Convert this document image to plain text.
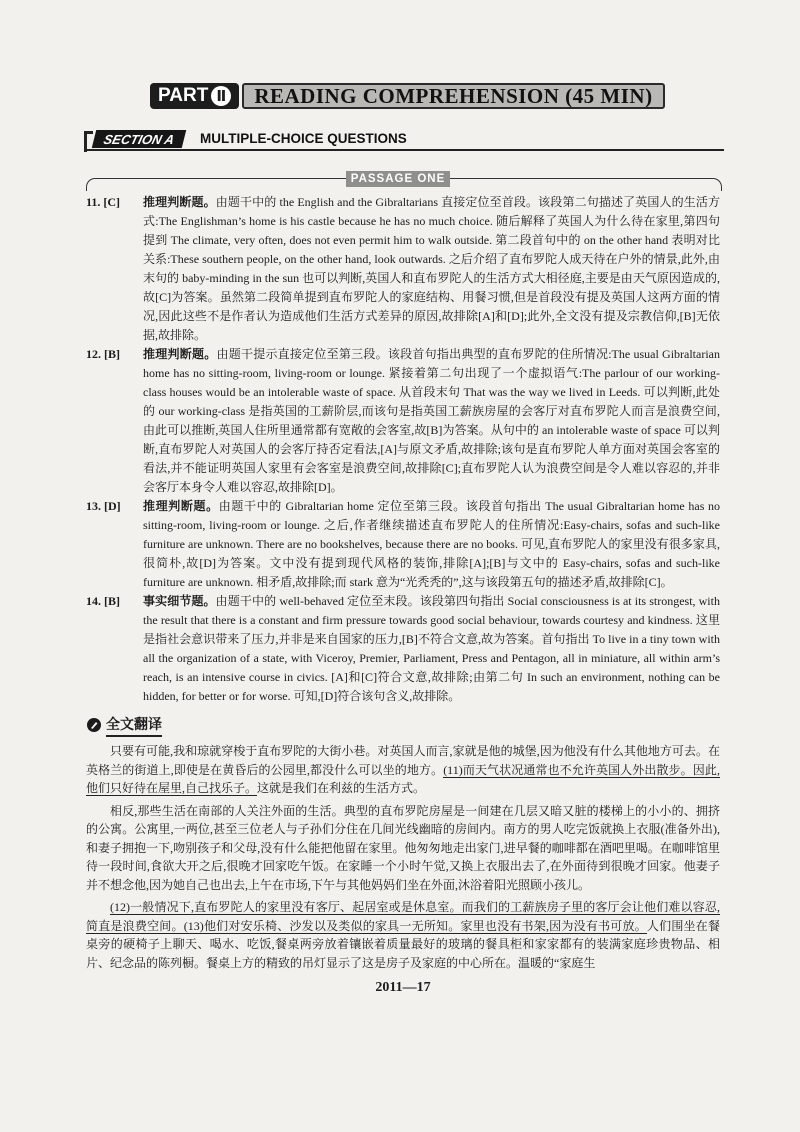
PART Ⅱ	READING COMPREHENSION (45 MIN)
SECTION A	MULTIPLE-CHOICE QUESTIONS
PASSAGE ONE
11. [C]	推理判断题。由题干中的 the English and the Gibraltarians 直接定位至首段。该段第二句描述了英国人的生活方式:The Englishman’s home is his castle because he has no much choice. 随后解释了英国人为什么待在家里,第四句提到 The climate, very often, does not even permit him to walk outside. 第二段首句中的 on the other hand 表明对比关系:These southern people, on the other hand, look outwards. 之后介绍了直布罗陀人成天待在户外的情景,此外,由末句的 baby-minding in the sun 也可以判断,英国人和直布罗陀人的生活方式大相径庭,主要是由天气原因造成的,故[C]为答案。虽然第二段简单提到直布罗陀人的家庭结构、用餐习惯,但是首段没有提及英国人这两方面的情况,因此这些不是作者认为造成他们生活方式差异的原因,故排除[A]和[D];此外,全文没有提及宗教信仰,[B]无依据,故排除。
12. [B]	推理判断题。由题干提示直接定位至第三段。该段首句指出典型的直布罗陀的住所情况:The usual Gibraltarian home has no sitting-room, living-room or lounge. 紧接着第二句出现了一个虚拟语气:The parlour of our working-class houses would be an intolerable waste of space. 从首段末句 That was the way we lived in Leeds. 可以判断,此处的 our working-class 是指英国的工薪阶层,而该句是指英国工薪族房屋的会客厅对直布罗陀人而言是浪费空间,由此可以推断,英国人住所里通常都有宽敞的会客室,故[B]为答案。从句中的 an intolerable waste of space 可以判断,直布罗陀人对英国人的会客厅持否定看法,[A]与原文矛盾,故排除;该句是直布罗陀人单方面对英国会客室的看法,并不能证明英国人家里有会客室是浪费空间,故排除[C];直布罗陀人认为浪费空间是令人难以容忍的,并非会客厅本身令人难以容忍,故排除[D]。
13. [D]	推理判断题。由题干中的 Gibraltarian home 定位至第三段。该段首句指出 The usual Gibraltarian home has no sitting-room, living-room or lounge. 之后,作者继续描述直布罗陀人的住所情况:Easy-chairs, sofas and such-like furniture are unknown. There are no bookshelves, because there are no books. 可见,直布罗陀人的家里没有很多家具,很简朴,故[D]为答案。文中没有提到现代风格的装饰,排除[A];[B]与文中的 Easy-chairs, sofas and such-like furniture are unknown. 相矛盾,故排除;而 stark 意为“光秃秃的”,这与该段第五句的描述矛盾,故排除[C]。
14. [B]	事实细节题。由题干中的 well-behaved 定位至末段。该段第四句指出 Social consciousness is at its strongest, with the result that there is a constant and firm pressure towards good social behaviour, towards courtesy and kindness. 这里是指社会意识带来了压力,并非是来自国家的压力,[B]不符合文意,故为答案。首句指出 To live in a tiny town with all the organization of a state, with Viceroy, Premier, Parliament, Press and Pentagon, all in miniature, all within arm’s reach, is an intensive course in civics. [A]和[C]符合文意,故排除;由第二句 In such an environment, nothing can be hidden, for better or for worse. 可知,[D]符合该句含义,故排除。
全文翻译

只要有可能,我和琼就穿梭于直布罗陀的大街小巷。对英国人而言,家就是他的城堡,因为他没有什么其他地方可去。在英格兰的街道上,即使是在黄昏后的公园里,都没什么可以坐的地方。(11)而天气状况通常也不允许英国人外出散步。因此,他们只好待在屋里,自己找乐子。这就是我们在利兹的生活方式。

相反,那些生活在南部的人关注外面的生活。典型的直布罗陀房屋是一间建在几层又暗又脏的楼梯上的小小的、拥挤的公寓。公寓里,一两位,甚至三位老人与子孙们分住在几间光线幽暗的房间内。南方的男人吃完饭就换上衣服(准备外出),和妻子拥抱一下,吻别孩子和父母,没有什么能把他留在家里。他匆匆地走出家门,进早餐的咖啡都在酒吧里喝。在咖啡馆里待一段时间,食欲大开之后,很晚才回家吃午饭。在家睡一个小时午觉,又换上衣服出去了,在外面待到很晚才回家。他妻子并不想念他,因为她自己也出去,上午在市场,下午与其他妈妈们坐在外面,沐浴着阳光照顾小孩儿。

(12)一般情况下,直布罗陀人的家里没有客厅、起居室或是休息室。而我们的工薪族房子里的客厅会让他们难以容忍,简直是浪费空间。(13)他们对安乐椅、沙发以及类似的家具一无所知。家里也没有书架,因为没有书可放。人们围坐在餐桌旁的硬椅子上聊天、喝水、吃饭,餐桌两旁放着镶嵌着质量最好的玻璃的餐具柜和家家都有的装满家庭珍贵物品、相片、纪念品的陈列橱。餐桌上方的精致的吊灯显示了这是房子及家庭的中心所在。温暖的“家庭生

2011—17
